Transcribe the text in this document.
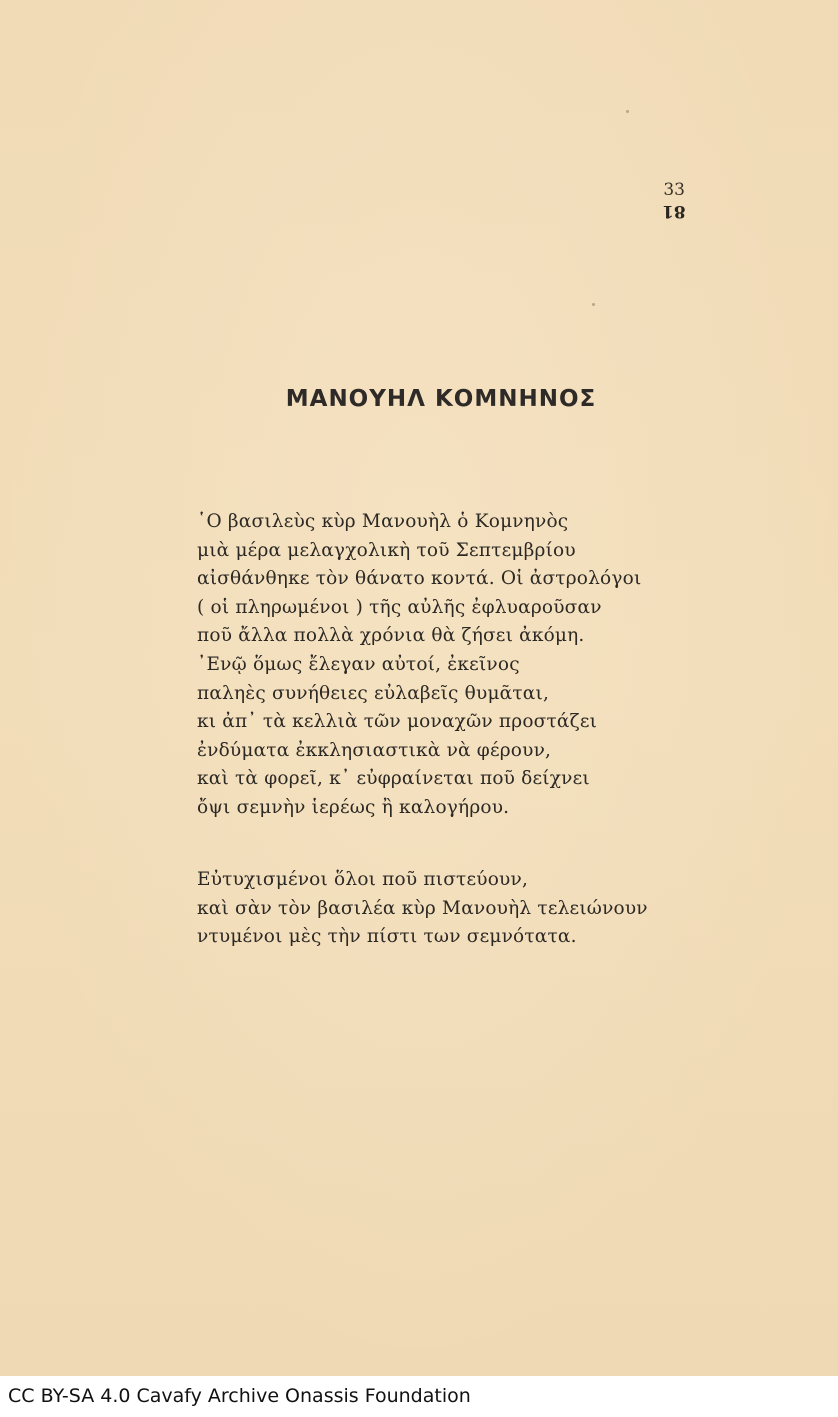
33
81
ΜΑΝΟΥΗΛ ΚΟΜΝΗΝΟΣ
῾Ο βασιλεὺς κὺρ Μανουὴλ ὁ Κομνηνὸς
μιὰ μέρα μελαγχολικὴ τοῦ Σεπτεμβρίου
αἰσθάνθηκε τὸν θάνατο κοντά. Οἱ ἀστρολόγοι
( οἱ πληρωμένοι ) τῆς αὐλῆς ἐφλυαροῦσαν
ποῦ ἄλλα πολλὰ χρόνια θὰ ζήσει ἀκόμη.
᾿Ενῷ ὅμως ἔλεγαν αὐτοί, ἐκεῖνος
παληὲς συνήθειες εὐλαβεῖς θυμᾶται,
κι ἀπ᾿ τὰ κελλιὰ τῶν μοναχῶν προστάζει
ἐνδύματα ἐκκλησιαστικὰ νὰ φέρουν,
καὶ τὰ φορεῖ, κ᾿ εὐφραίνεται ποῦ δείχνει
ὄψι σεμνὴν ἱερέως ἢ καλογήρου.
Εὐτυχισμένοι ὅλοι ποῦ πιστεύουν,
καὶ σὰν τὸν βασιλέα κὺρ Μανουὴλ τελειώνουν
ντυμένοι μὲς τὴν πίστι των σεμνότατα.
CC BY-SA 4.0 Cavafy Archive Onassis Foundation
